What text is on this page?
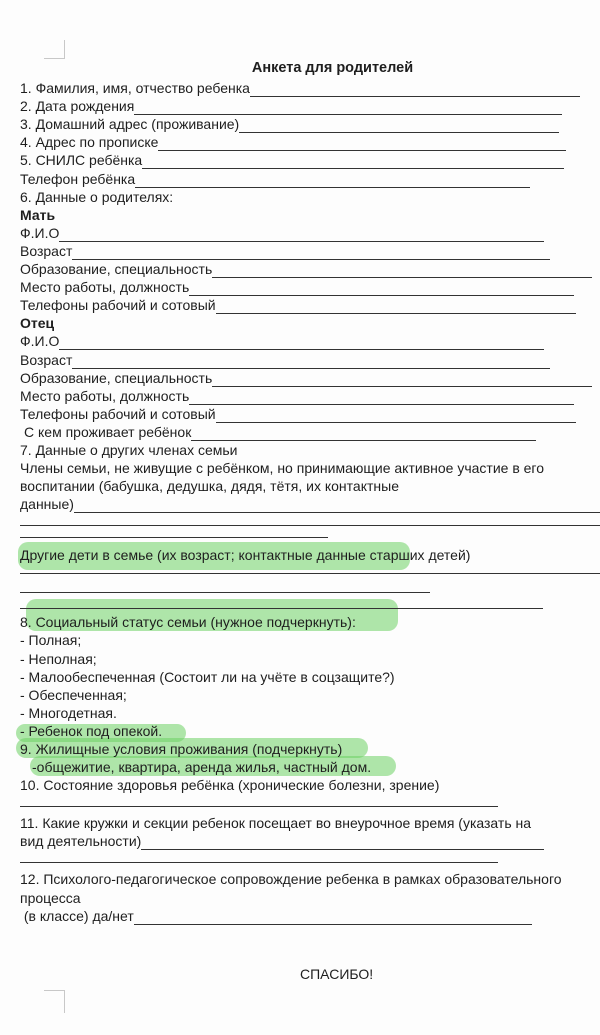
Анкета для родителей
1. Фамилия, имя, отчество ребенка
2. Дата рождения
3. Домашний адрес (проживание)
4. Адрес по прописке
5. СНИЛС ребёнка
Телефон ребёнка
6. Данные о родителях:
Мать
Ф.И.О
Возраст
Образование, специальность
Место работы, должность
Телефоны рабочий и сотовый
Отец
Ф.И.О
Возраст
Образование, специальность
Место работы, должность
Телефоны рабочий и сотовый
С кем проживает ребёнок
7. Данные о других членах семьи
Члены семьи, не живущие с ребёнком, но принимающие активное участие в его
воспитании (бабушка, дедушка, дядя, тётя, их контактные
данные)
Другие дети в семье (их возраст; контактные данные старших детей)
8. Социальный статус семьи (нужное подчеркнуть):
- Полная;
- Неполная;
- Малообеспеченная (Состоит ли на учёте в соцзащите?)
- Обеспеченная;
- Многодетная.
- Ребенок под опекой.
9. Жилищные условия проживания (подчеркнуть)
-общежитие, квартира, аренда жилья, частный дом.
10. Состояние здоровья ребёнка (хронические болезни, зрение)
11. Какие кружки и секции ребенок посещает во внеурочное время (указать на
вид деятельности)
12. Психолого-педагогическое сопровождение ребенка в рамках образовательного
процесса
(в классе) да/нет

СПАСИБО!
